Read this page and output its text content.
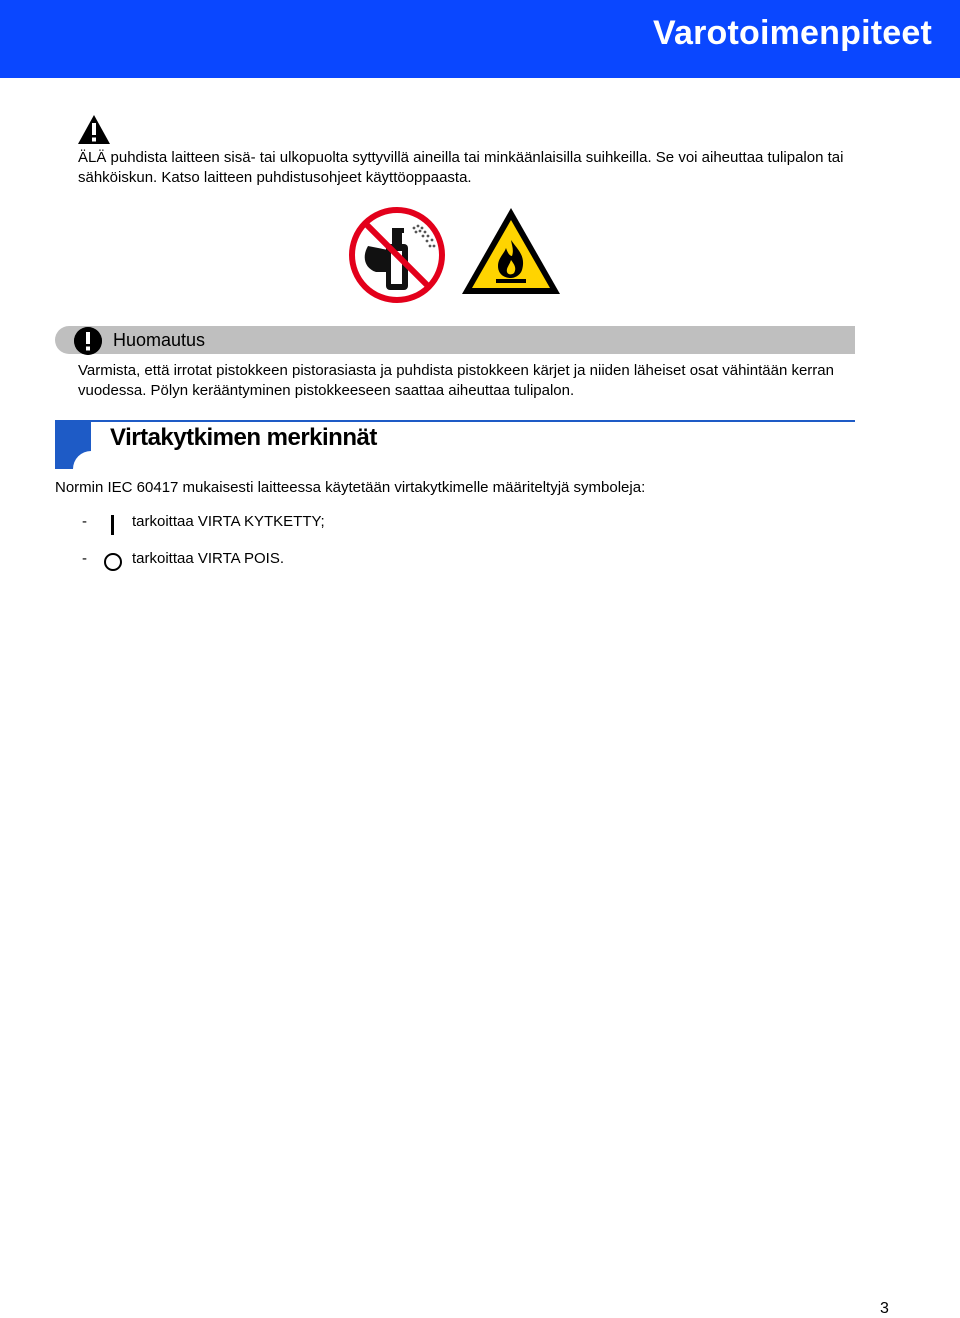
Varotoimenpiteet
ÄLÄ puhdista laitteen sisä- tai ulkopuolta syttyvillä aineilla tai minkäänlaisilla suihkeilla. Se voi aiheuttaa tulipalon tai sähköiskun. Katso laitteen puhdistusohjeet käyttöoppaasta.
Huomautus
Varmista, että irrotat pistokkeen pistorasiasta ja puhdista pistokkeen kärjet ja niiden läheiset osat vähintään kerran vuodessa. Pölyn kerääntyminen pistokkeeseen saattaa aiheuttaa tulipalon.
Virtakytkimen merkinnät
Normin IEC 60417 mukaisesti laitteessa käytetään virtakytkimelle määriteltyjä symboleja:
-	tarkoittaa VIRTA KYTKETTY;
-	tarkoittaa VIRTA POIS.
3
